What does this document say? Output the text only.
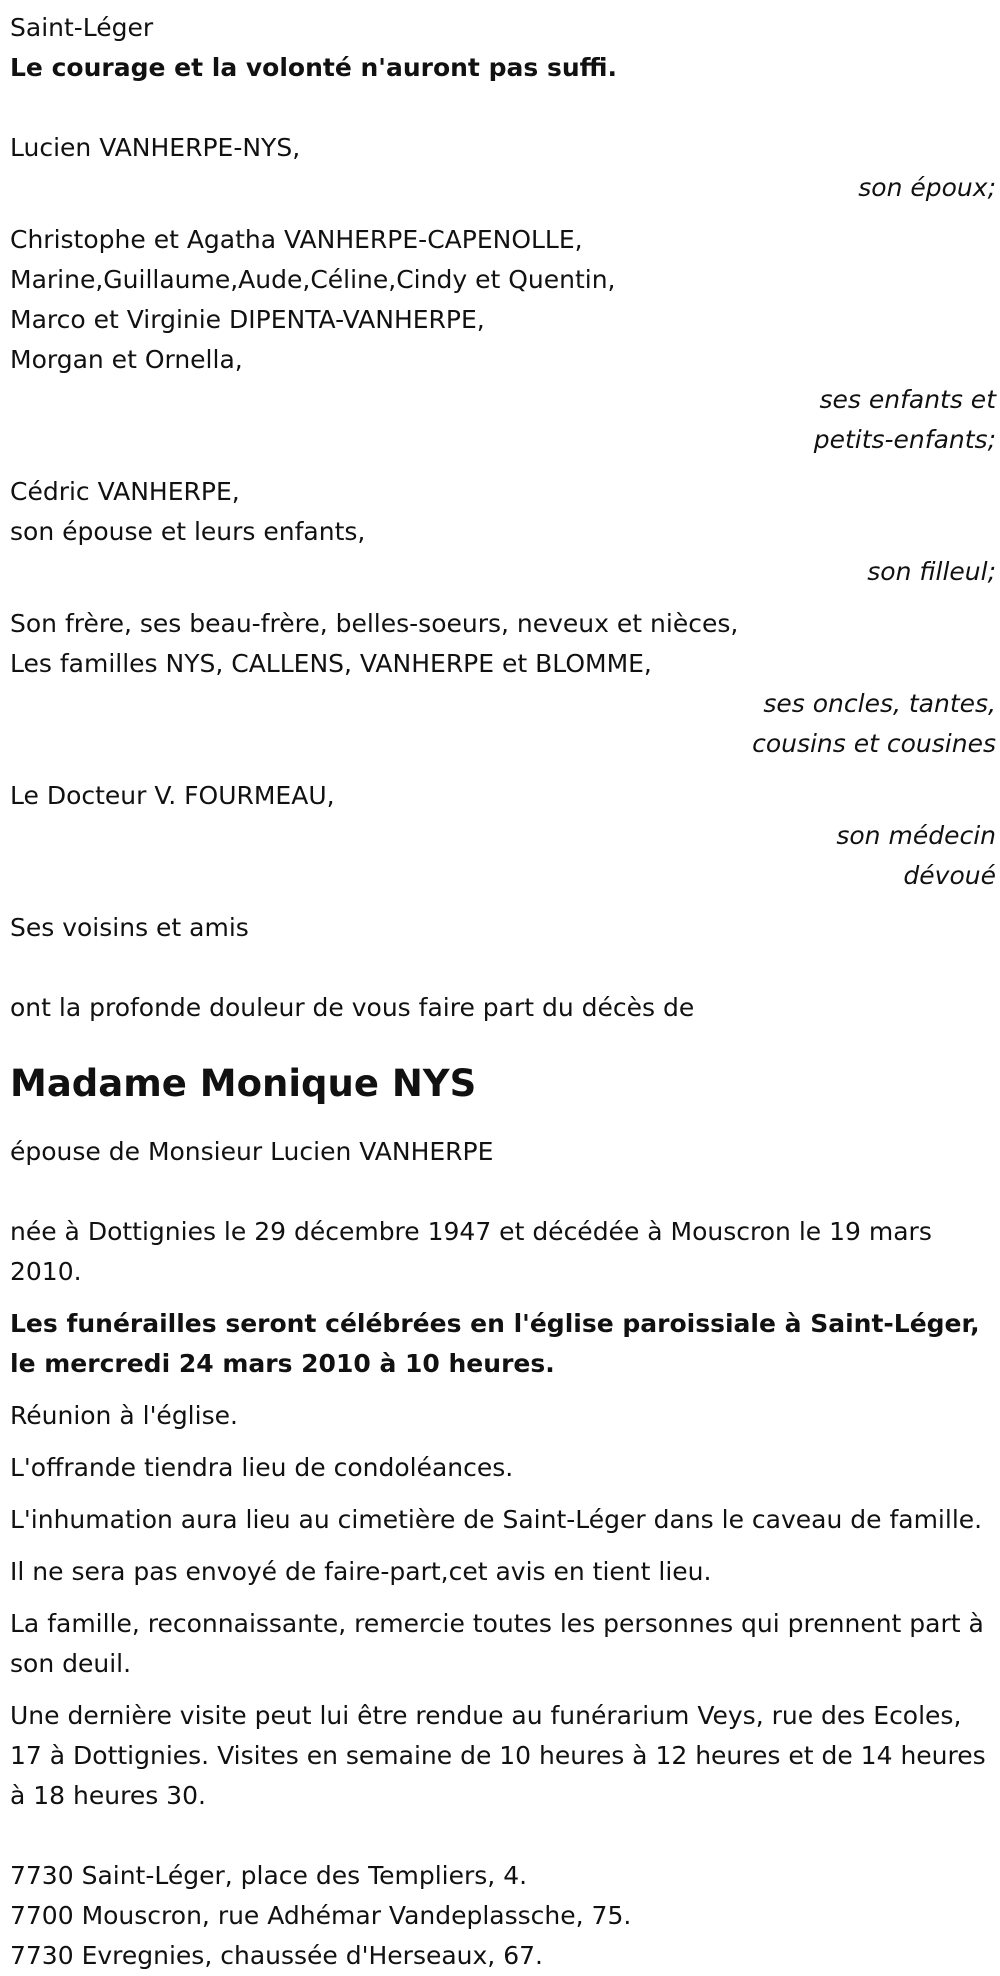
Saint-Léger
Le courage et la volonté n'auront pas suffi.
Lucien VANHERPE-NYS,
son époux;
Christophe et Agatha VANHERPE-CAPENOLLE,
Marine,Guillaume,Aude,Céline,Cindy et Quentin,
Marco et Virginie DIPENTA-VANHERPE,
Morgan et Ornella,
ses enfants et
petits-enfants;
Cédric VANHERPE,
son épouse et leurs enfants,
son filleul;
Son frère, ses beau-frère, belles-soeurs, neveux et nièces,
Les familles NYS, CALLENS, VANHERPE et BLOMME,
ses oncles, tantes,
cousins et cousines
Le Docteur V. FOURMEAU,
son médecin
dévoué
Ses voisins et amis
ont la profonde douleur de vous faire part du décès de
Madame Monique NYS
épouse de Monsieur Lucien VANHERPE
née à Dottignies le 29 décembre 1947 et décédée à Mouscron le 19 mars 2010.
Les funérailles seront célébrées en l'église paroissiale à Saint-Léger, le mercredi 24 mars 2010 à 10 heures.
Réunion à l'église.
L'offrande tiendra lieu de condoléances.
L'inhumation aura lieu au cimetière de Saint-Léger dans le caveau de famille.
Il ne sera pas envoyé de faire-part,cet avis en tient lieu.
La famille, reconnaissante, remercie toutes les personnes qui prennent part à son deuil.
Une dernière visite peut lui être rendue au funérarium Veys, rue des Ecoles, 17 à Dottignies. Visites en semaine de 10 heures à 12 heures et de 14 heures à 18 heures 30.
7730 Saint-Léger, place des Templiers, 4.
7700 Mouscron, rue Adhémar Vandeplassche, 75.
7730 Evregnies, chaussée d'Herseaux, 67.
